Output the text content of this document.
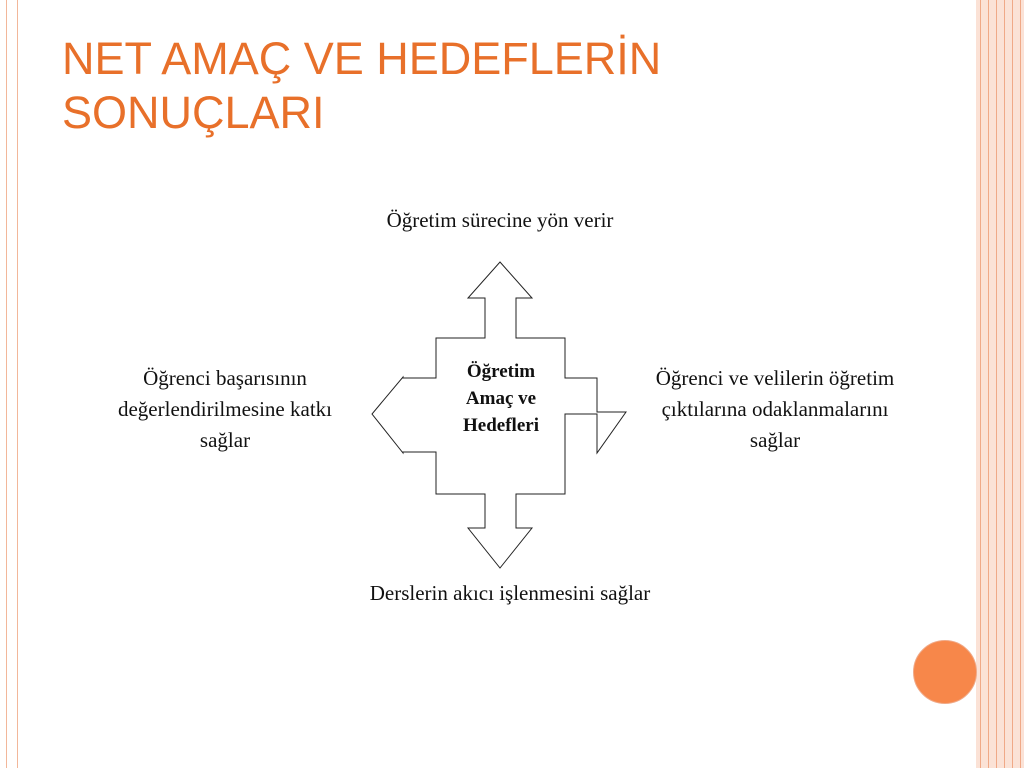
NET AMAÇ VE HEDEFLERİN
SONUÇLARI
Öğretim sürecine yön verir
Öğretim
Amaç ve
Hedefleri
Öğrenci başarısının
değerlendirilmesine katkı
sağlar
Öğrenci ve velilerin öğretim
çıktılarına odaklanmalarını
sağlar
Derslerin akıcı işlenmesini sağlar
